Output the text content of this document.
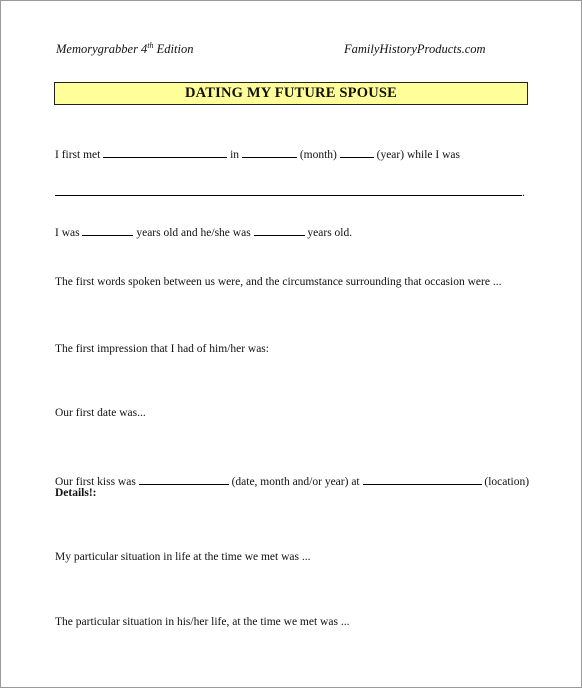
Memorygrabber 4th Edition	FamilyHistoryProducts.com
DATING MY FUTURE SPOUSE
I first met	in	(month)	(year) while I was
.
I was	years old and he/she was	years old.
The first words spoken between us were, and the circumstance surrounding that occasion were ...
The first impression that I had of him/her was:
Our first date was...
Our first kiss was	(date, month and/or year) at	(location)
Details!:
My particular situation in life at the time we met was ...
The particular situation in his/her life, at the time we met was ...
